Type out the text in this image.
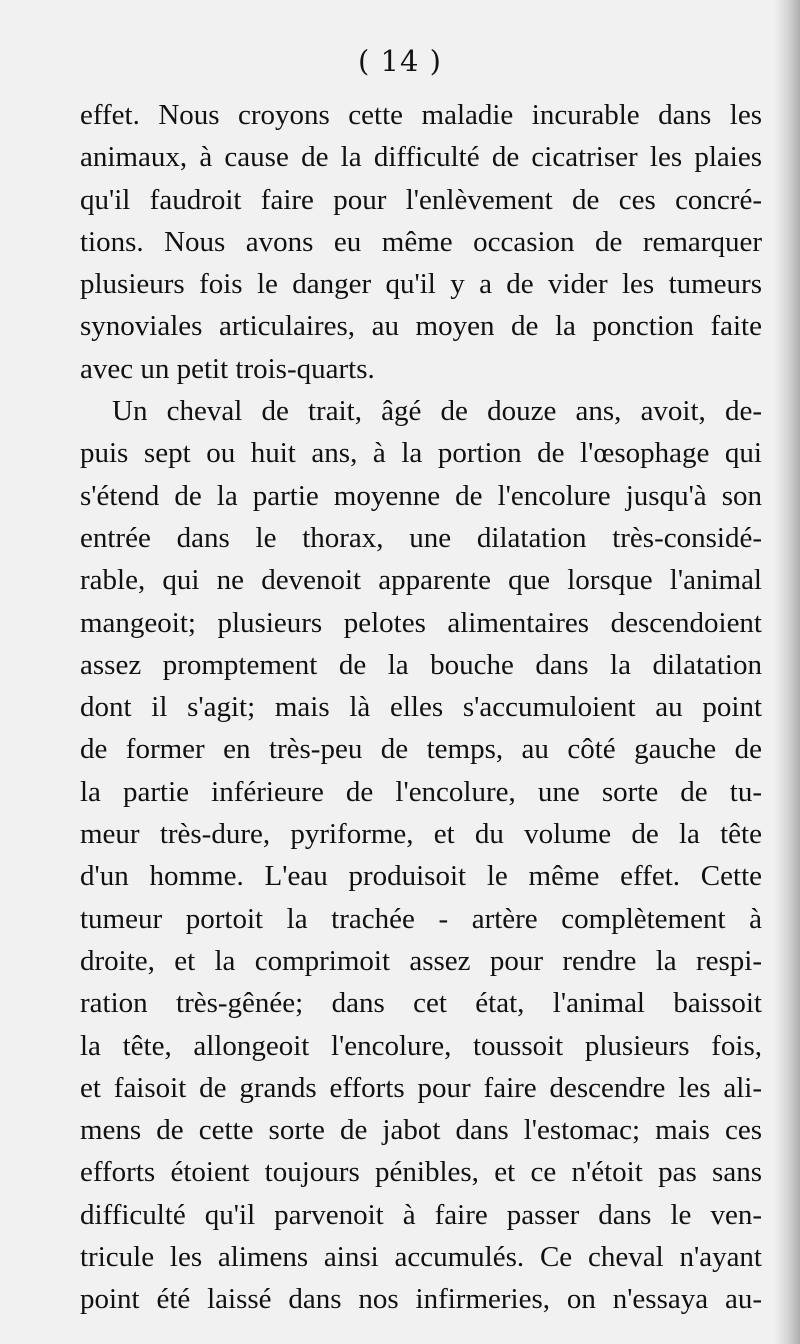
( 14 )
effet. Nous croyons cette maladie incurable dans les
animaux, à cause de la difficulté de cicatriser les plaies
qu'il faudroit faire pour l'enlèvement de ces concré-
tions. Nous avons eu même occasion de remarquer
plusieurs fois le danger qu'il y a de vider les tumeurs
synoviales articulaires, au moyen de la ponction faite
avec un petit trois-quarts.
Un cheval de trait, âgé de douze ans, avoit, de-
puis sept ou huit ans, à la portion de l'œsophage qui
s'étend de la partie moyenne de l'encolure jusqu'à son
entrée dans le thorax, une dilatation très-considé-
rable, qui ne devenoit apparente que lorsque l'animal
mangeoit; plusieurs pelotes alimentaires descendoient
assez promptement de la bouche dans la dilatation
dont il s'agit; mais là elles s'accumuloient au point
de former en très-peu de temps, au côté gauche de
la partie inférieure de l'encolure, une sorte de tu-
meur très-dure, pyriforme, et du volume de la tête
d'un homme. L'eau produisoit le même effet. Cette
tumeur portoit la trachée - artère complètement à
droite, et la comprimoit assez pour rendre la respi-
ration très-gênée; dans cet état, l'animal baissoit
la tête, allongeoit l'encolure, toussoit plusieurs fois,
et faisoit de grands efforts pour faire descendre les ali-
mens de cette sorte de jabot dans l'estomac; mais ces
efforts étoient toujours pénibles, et ce n'étoit pas sans
difficulté qu'il parvenoit à faire passer dans le ven-
tricule les alimens ainsi accumulés. Ce cheval n'ayant
point été laissé dans nos infirmeries, on n'essaya au-
